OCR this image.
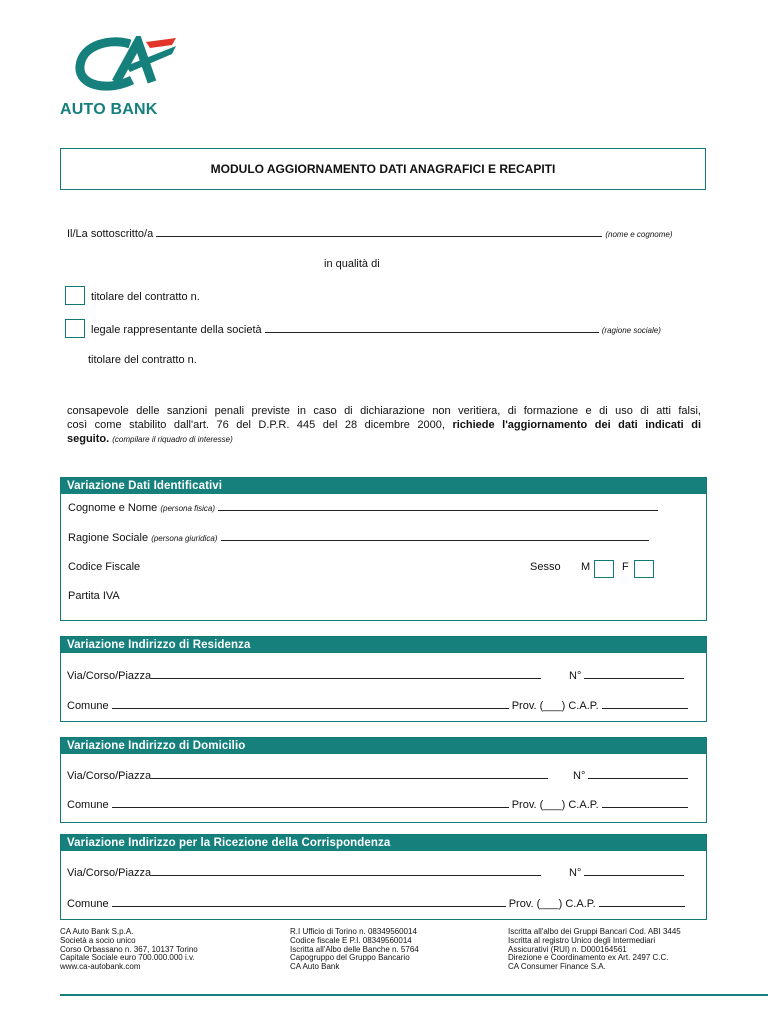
AUTO BANK
MODULO AGGIORNAMENTO DATI ANAGRAFICI E RECAPITI
Il/La sottoscritto/a	(nome e cognome)
in qualità di
titolare del contratto n.
legale rappresentante della società	(ragione sociale)
titolare del contratto n.
consapevole delle sanzioni penali previste in caso di dichiarazione non veritiera, di formazione e di uso di atti falsi,
così come stabilito dall'art. 76 del D.P.R. 445 del 28 dicembre 2000, richiede l'aggiornamento dei dati indicati di
seguito. (compilare il riquadro di interesse)
Variazione Dati Identificativi
Cognome e Nome (persona fisica)
Ragione Sociale (persona giuridica)
Codice Fiscale	Sesso M	F
Partita IVA
Variazione Indirizzo di Residenza
Via/Corso/Piazza	N°
Comune	Prov. (___) C.A.P.
Variazione Indirizzo di Domicilio
Via/Corso/Piazza	N°
Comune	Prov. (___) C.A.P.
Variazione Indirizzo per la Ricezione della Corrispondenza
Via/Corso/Piazza	N°
Comune	Prov. (___) C.A.P.
CA Auto Bank S.p.A.
Società a socio unico
Corso Orbassano n. 367, 10137 Torino
Capitale Sociale euro 700.000.000 i.v.
www.ca-autobank.com
R.I Ufficio di Torino n. 08349560014
Codice fiscale E P.I. 08349560014
Iscritta all'Albo delle Banche n. 5764
Capogruppo del Gruppo Bancario
CA Auto Bank
Iscritta all'albo dei Gruppi Bancari Cod. ABI 3445
Iscritta al registro Unico degli Intermediari
Assicurativi (RUI) n. D000164561
Direzione e Coordinamento ex Art. 2497 C.C.
CA Consumer Finance S.A.
